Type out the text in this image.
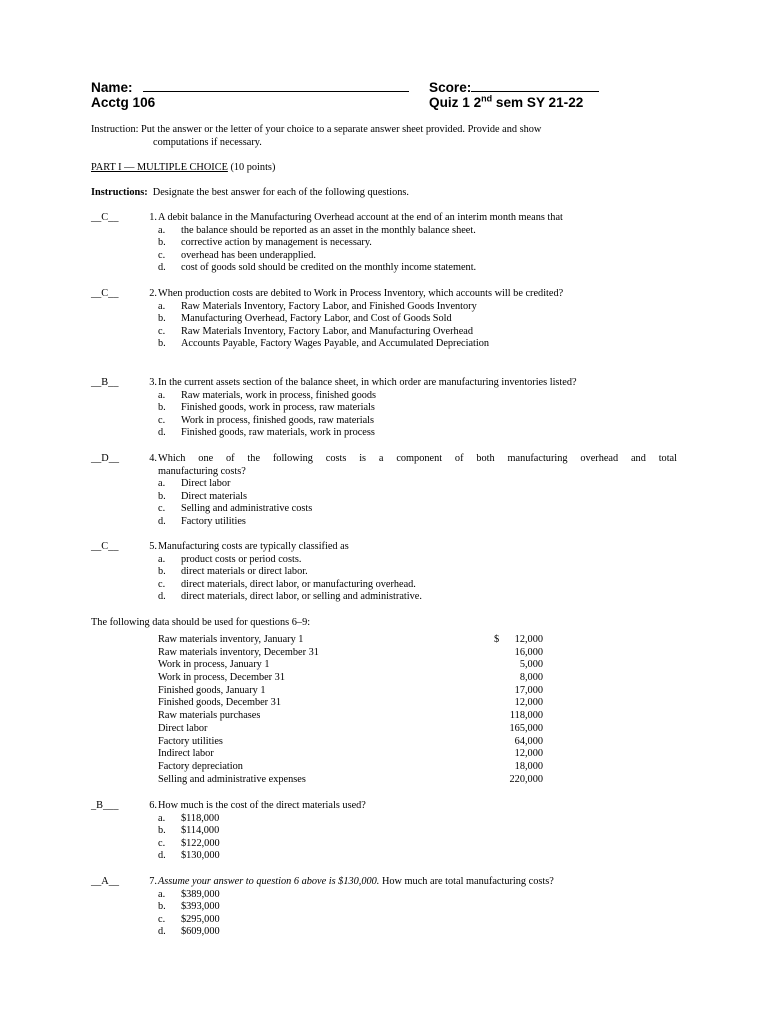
Name:	Score:
Acctg 106	Quiz 1 2nd sem SY 21-22
Instruction: Put the answer or the letter of your choice to a separate answer sheet provided. Provide and show
computations if necessary.
PART I — MULTIPLE CHOICE (10 points)
Instructions: Designate the best answer for each of the following questions.
__C__	1. A debit balance in the Manufacturing Overhead account at the end of an interim month means that
a. the balance should be reported as an asset in the monthly balance sheet.
b. corrective action by management is necessary.
c. overhead has been underapplied.
d. cost of goods sold should be credited on the monthly income statement.
__C__	2. When production costs are debited to Work in Process Inventory, which accounts will be credited?
a. Raw Materials Inventory, Factory Labor, and Finished Goods Inventory
b. Manufacturing Overhead, Factory Labor, and Cost of Goods Sold
c. Raw Materials Inventory, Factory Labor, and Manufacturing Overhead
b. Accounts Payable, Factory Wages Payable, and Accumulated Depreciation
__B__	3. In the current assets section of the balance sheet, in which order are manufacturing inventories listed?
a. Raw materials, work in process, finished goods
b. Finished goods, work in process, raw materials
c. Work in process, finished goods, raw materials
d. Finished goods, raw materials, work in process
__D__	4. Which one of the following costs is a component of both manufacturing overhead and total
manufacturing costs?
a. Direct labor
b. Direct materials
c. Selling and administrative costs
d. Factory utilities
__C__	5. Manufacturing costs are typically classified as
a. product costs or period costs.
b. direct materials or direct labor.
c. direct materials, direct labor, or manufacturing overhead.
d. direct materials, direct labor, or selling and administrative.
The following data should be used for questions 6–9:
Raw materials inventory, January 1	$ 12,000
Raw materials inventory, December 31	16,000
Work in process, January 1	5,000
Work in process, December 31	8,000
Finished goods, January 1	17,000
Finished goods, December 31	12,000
Raw materials purchases	118,000
Direct labor	165,000
Factory utilities	64,000
Indirect labor	12,000
Factory depreciation	18,000
Selling and administrative expenses	220,000
_B___	6. How much is the cost of the direct materials used?
a. $118,000
b. $114,000
c. $122,000
d. $130,000
__A__	7. Assume your answer to question 6 above is $130,000. How much are total manufacturing costs?
a. $389,000
b. $393,000
c. $295,000
d. $609,000
